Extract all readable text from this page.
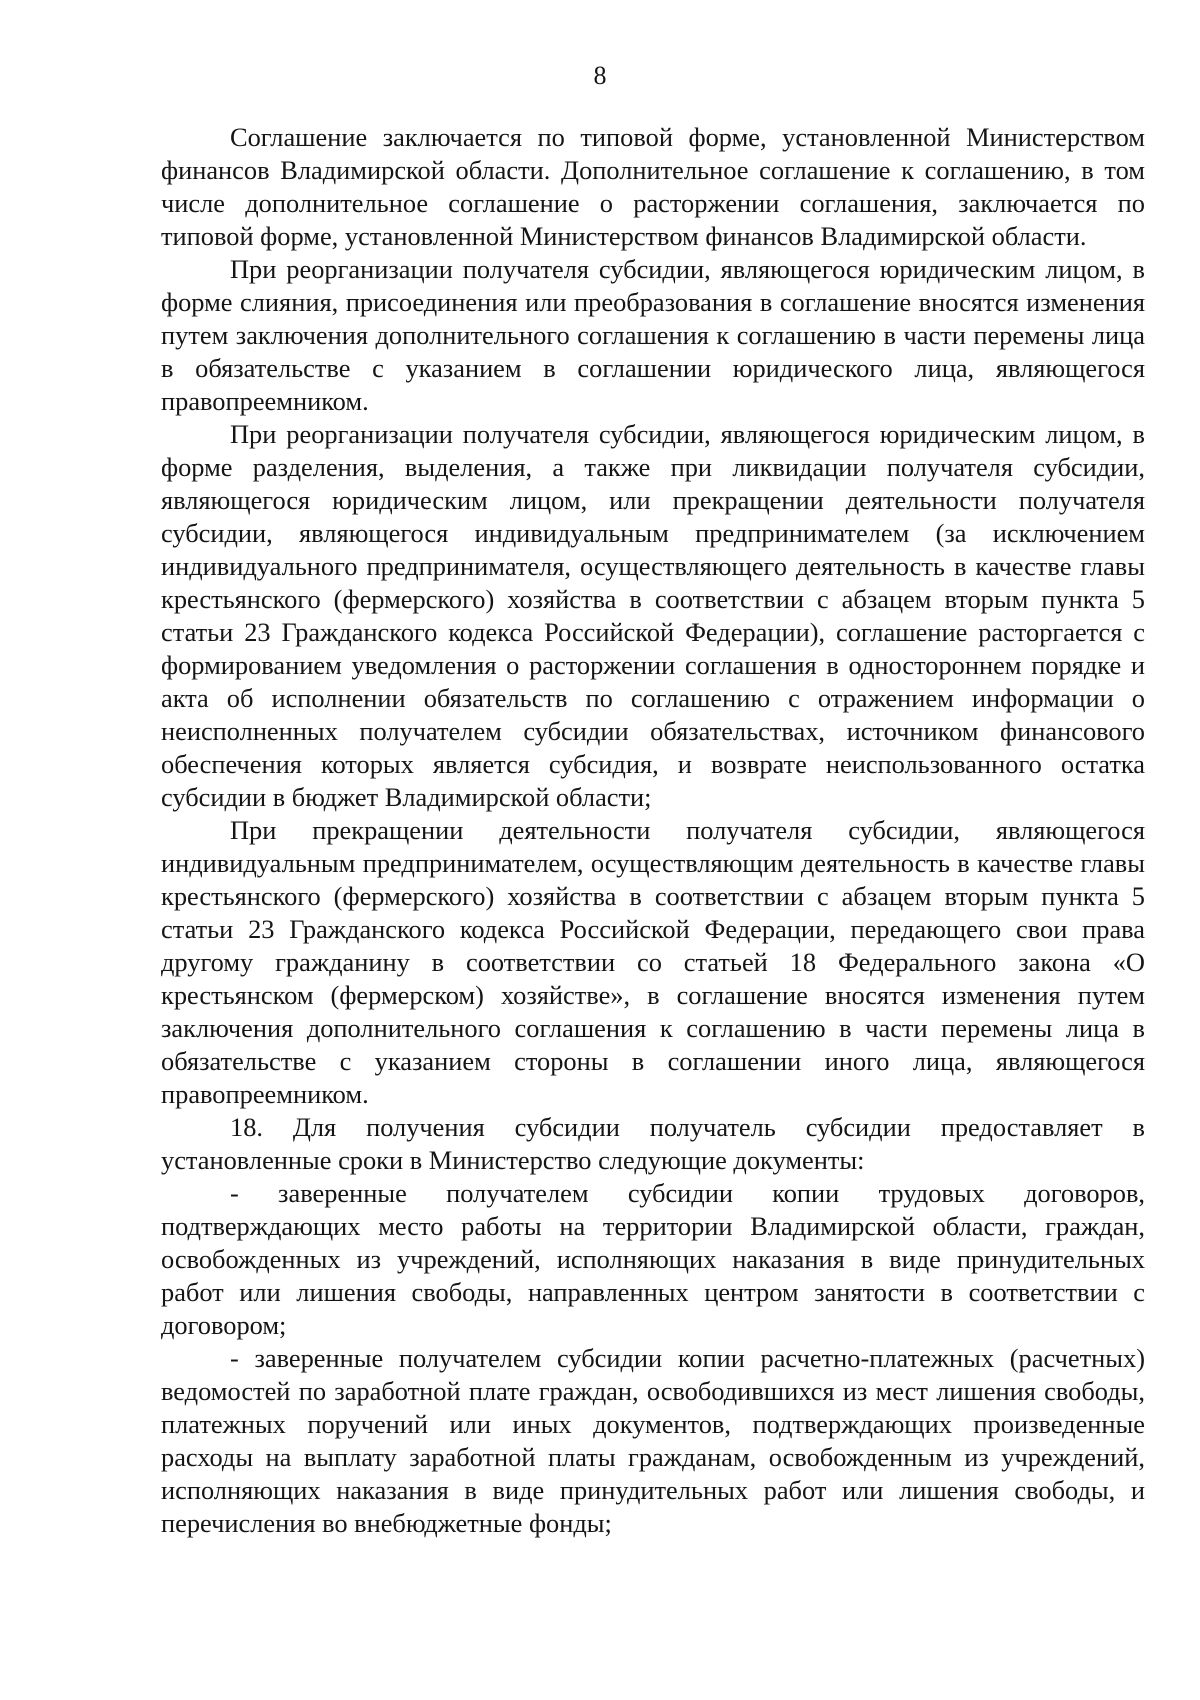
8

Соглашение заключается по типовой форме, установленной Министерством финансов Владимирской области. Дополнительное соглашение к соглашению, в том числе дополнительное соглашение о расторжении соглашения, заключается по типовой форме, установленной Министерством финансов Владимирской области.

При реорганизации получателя субсидии, являющегося юридическим лицом, в форме слияния, присоединения или преобразования в соглашение вносятся изменения путем заключения дополнительного соглашения к соглашению в части перемены лица в обязательстве с указанием в соглашении юридического лица, являющегося правопреемником.

При реорганизации получателя субсидии, являющегося юридическим лицом, в форме разделения, выделения, а также при ликвидации получателя субсидии, являющегося юридическим лицом, или прекращении деятельности получателя субсидии, являющегося индивидуальным предпринимателем (за исключением индивидуального предпринимателя, осуществляющего деятельность в качестве главы крестьянского (фермерского) хозяйства в соответствии с абзацем вторым пункта 5 статьи 23 Гражданского кодекса Российской Федерации), соглашение расторгается с формированием уведомления о расторжении соглашения в одностороннем порядке и акта об исполнении обязательств по соглашению с отражением информации о неисполненных получателем субсидии обязательствах, источником финансового обеспечения которых является субсидия, и возврате неиспользованного остатка субсидии в бюджет Владимирской области;

При прекращении деятельности получателя субсидии, являющегося индивидуальным предпринимателем, осуществляющим деятельность в качестве главы крестьянского (фермерского) хозяйства в соответствии с абзацем вторым пункта 5 статьи 23 Гражданского кодекса Российской Федерации, передающего свои права другому гражданину в соответствии со статьей 18 Федерального закона «О крестьянском (фермерском) хозяйстве», в соглашение вносятся изменения путем заключения дополнительного соглашения к соглашению в части перемены лица в обязательстве с указанием стороны в соглашении иного лица, являющегося правопреемником.

18. Для получения субсидии получатель субсидии предоставляет в установленные сроки в Министерство следующие документы:

- заверенные получателем субсидии копии трудовых договоров, подтверждающих место работы на территории Владимирской области, граждан, освобожденных из учреждений, исполняющих наказания в виде принудительных работ или лишения свободы, направленных центром занятости в соответствии с договором;

- заверенные получателем субсидии копии расчетно-платежных (расчетных) ведомостей по заработной плате граждан, освободившихся из мест лишения свободы, платежных поручений или иных документов, подтверждающих произведенные расходы на выплату заработной платы гражданам, освобожденным из учреждений, исполняющих наказания в виде принудительных работ или лишения свободы, и перечисления во внебюджетные фонды;
